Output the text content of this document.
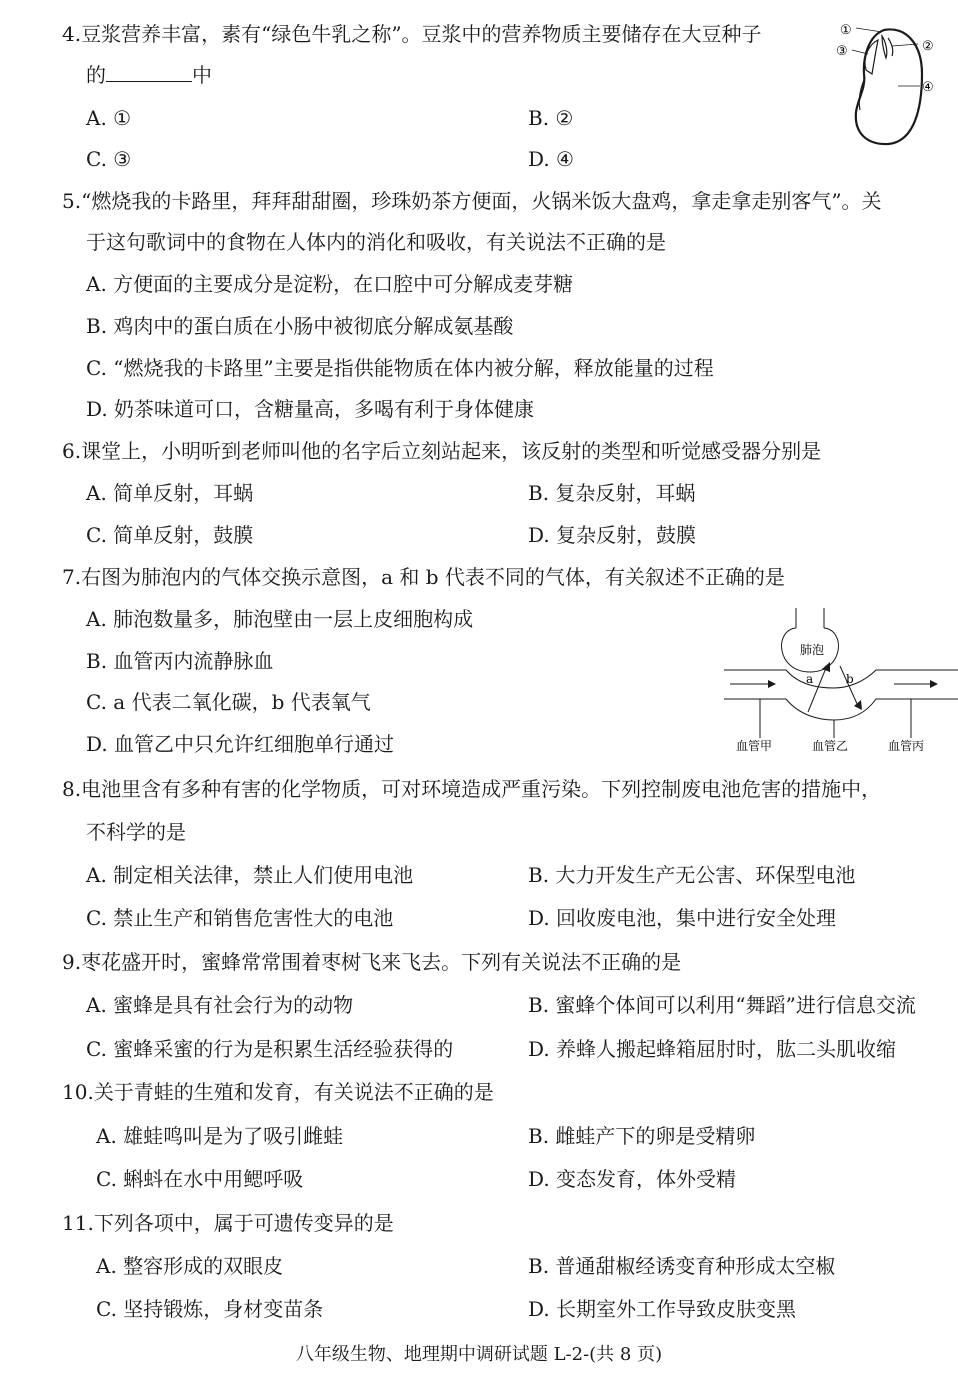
4.豆浆营养丰富，素有“绿色牛乳之称”。豆浆中的营养物质主要储存在大豆种子
的	中
A. ①	B. ②
C. ③	D. ④
①
③	②
④
5.“燃烧我的卡路里，拜拜甜甜圈，珍珠奶茶方便面，火锅米饭大盘鸡，拿走拿走别客气”。关
于这句歌词中的食物在人体内的消化和吸收，有关说法不正确的是
A. 方便面的主要成分是淀粉，在口腔中可分解成麦芽糖
B. 鸡肉中的蛋白质在小肠中被彻底分解成氨基酸
C. “燃烧我的卡路里”主要是指供能物质在体内被分解，释放能量的过程
D. 奶茶味道可口，含糖量高，多喝有利于身体健康
6.课堂上，小明听到老师叫他的名字后立刻站起来，该反射的类型和听觉感受器分别是
A. 简单反射，耳蜗	B. 复杂反射，耳蜗
C. 简单反射，鼓膜	D. 复杂反射，鼓膜
7.右图为肺泡内的气体交换示意图，a 和 b 代表不同的气体，有关叙述不正确的是
A. 肺泡数量多，肺泡壁由一层上皮细胞构成
B. 血管丙内流静脉血
C. a 代表二氧化碳，b 代表氧气
D. 血管乙中只允许红细胞单行通过
肺泡
a	b
血管甲	血管乙	血管丙
8.电池里含有多种有害的化学物质，可对环境造成严重污染。下列控制废电池危害的措施中，
不科学的是
A. 制定相关法律，禁止人们使用电池	B. 大力开发生产无公害、环保型电池
C. 禁止生产和销售危害性大的电池	D. 回收废电池，集中进行安全处理
9.枣花盛开时，蜜蜂常常围着枣树飞来飞去。下列有关说法不正确的是
A. 蜜蜂是具有社会行为的动物	B. 蜜蜂个体间可以利用“舞蹈”进行信息交流
C. 蜜蜂采蜜的行为是积累生活经验获得的	D. 养蜂人搬起蜂箱屈肘时，肱二头肌收缩
10.关于青蛙的生殖和发育，有关说法不正确的是
A. 雄蛙鸣叫是为了吸引雌蛙	B. 雌蛙产下的卵是受精卵
C. 蝌蚪在水中用鳃呼吸	D. 变态发育，体外受精
11.下列各项中，属于可遗传变异的是
A. 整容形成的双眼皮	B. 普通甜椒经诱变育种形成太空椒
C. 坚持锻炼，身材变苗条	D. 长期室外工作导致皮肤变黑
八年级生物、地理期中调研试题 L-2-(共 8 页)
